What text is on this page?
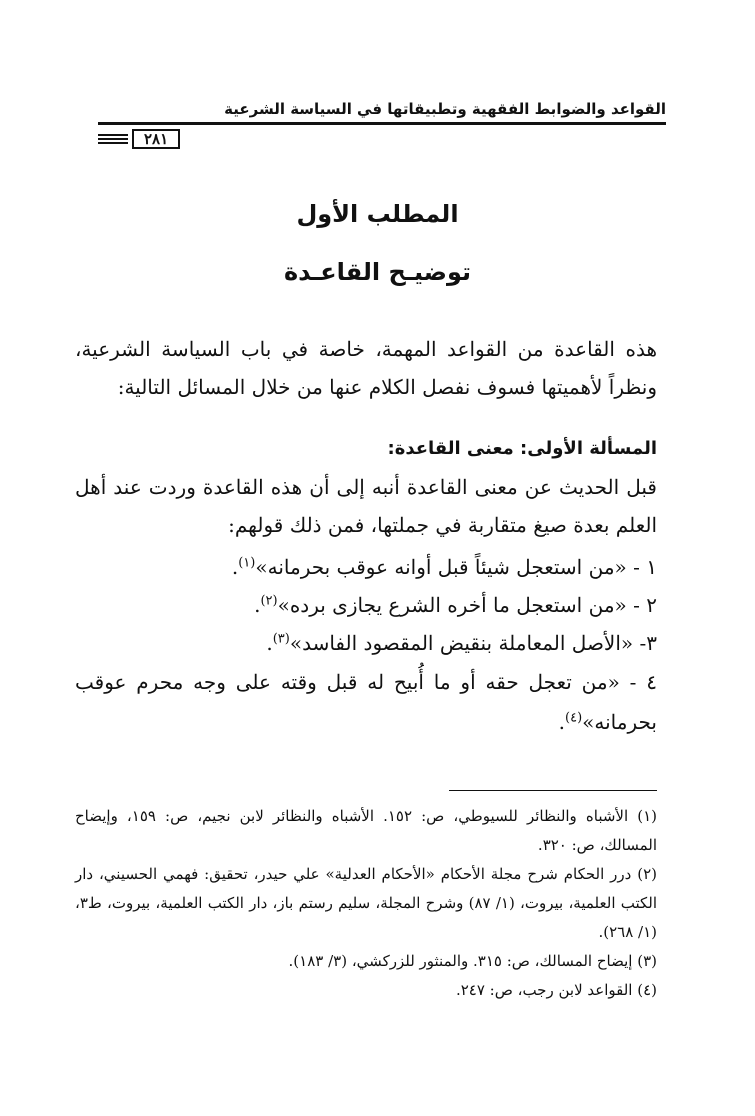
القواعد والضوابط الفقهية وتطبيقاتها في السياسة الشرعية
٢٨١
المطلب الأول
توضيـح القاعـدة
هذه القاعدة من القواعد المهمة، خاصة في باب السياسة الشرعية، ونظراً لأهميتها فسوف نفصل الكلام عنها من خلال المسائل التالية:
المسألة الأولى: معنى القاعدة:
قبل الحديث عن معنى القاعدة أنبه إلى أن هذه القاعدة وردت عند أهل العلم بعدة صيغ متقاربة في جملتها، فمن ذلك قولهم:
١ - «من استعجل شيئاً قبل أوانه عوقب بحرمانه»$^{(١)}$.
٢ - «من استعجل ما أخره الشرع يجازى برده»$^{(٢)}$.
٣- «الأصل المعاملة بنقيض المقصود الفاسد»$^{(٣)}$.
٤ - «من تعجل حقه أو ما أُبيح له قبل وقته على وجه محرم عوقب بحرمانه»$^{(٤)}$.
(١) الأشباه والنظائر للسيوطي، ص: ١٥٢. الأشباه والنظائر لابن نجيم، ص: ١٥٩، وإيضاح المسالك، ص: ٣٢٠.
(٢) درر الحكام شرح مجلة الأحكام «الأحكام العدلية» علي حيدر، تحقيق: فهمي الحسيني، دار الكتب العلمية، بيروت، (١/ ٨٧) وشرح المجلة، سليم رستم باز، دار الكتب العلمية، بيروت، ط٣، (١/ ٢٦٨).
(٣) إيضاح المسالك، ص: ٣١٥. والمنثور للزركشي، (٣/ ١٨٣).
(٤) القواعد لابن رجب، ص: ٢٤٧.
